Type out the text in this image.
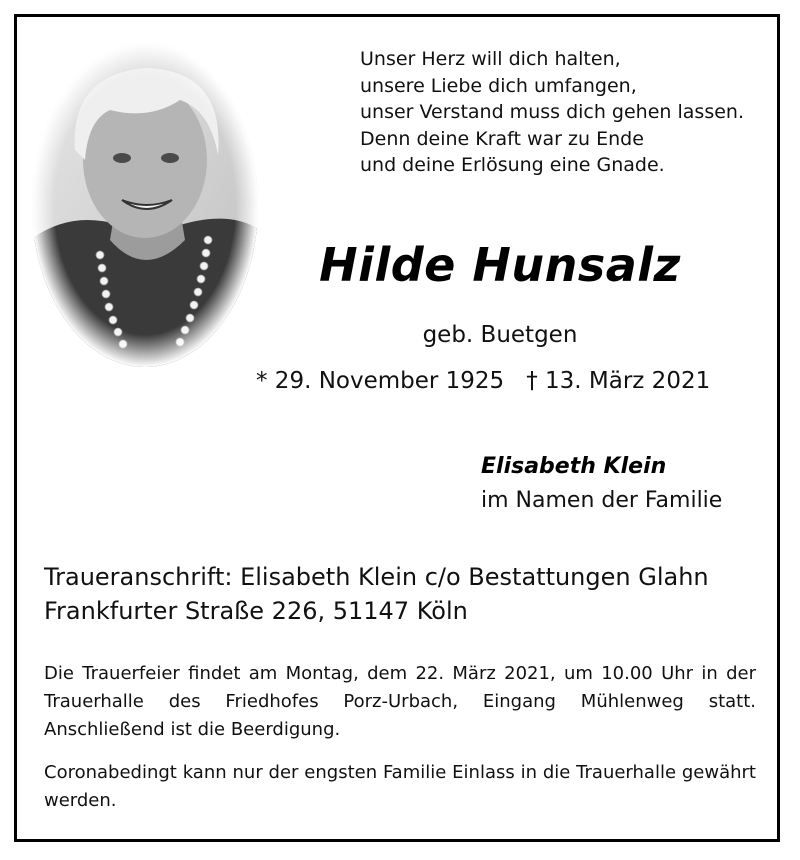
Unser Herz will dich halten,
unsere Liebe dich umfangen,
unser Verstand muss dich gehen lassen.
Denn deine Kraft war zu Ende
und deine Erlösung eine Gnade.
Hilde Hunsalz
geb. Buetgen
* 29. November 1925 † 13. März 2021
Elisabeth Klein
im Namen der Familie
Traueranschrift: Elisabeth Klein c/o Bestattungen Glahn
Frankfurter Straße 226, 51147 Köln
Die Trauerfeier findet am Montag, dem 22. März 2021, um 10.00 Uhr in der Trauerhalle des Friedhofes Porz-Urbach, Eingang Mühlenweg statt. Anschließend ist die Beerdigung.
Coronabedingt kann nur der engsten Familie Einlass in die Trauerhalle gewährt werden.
